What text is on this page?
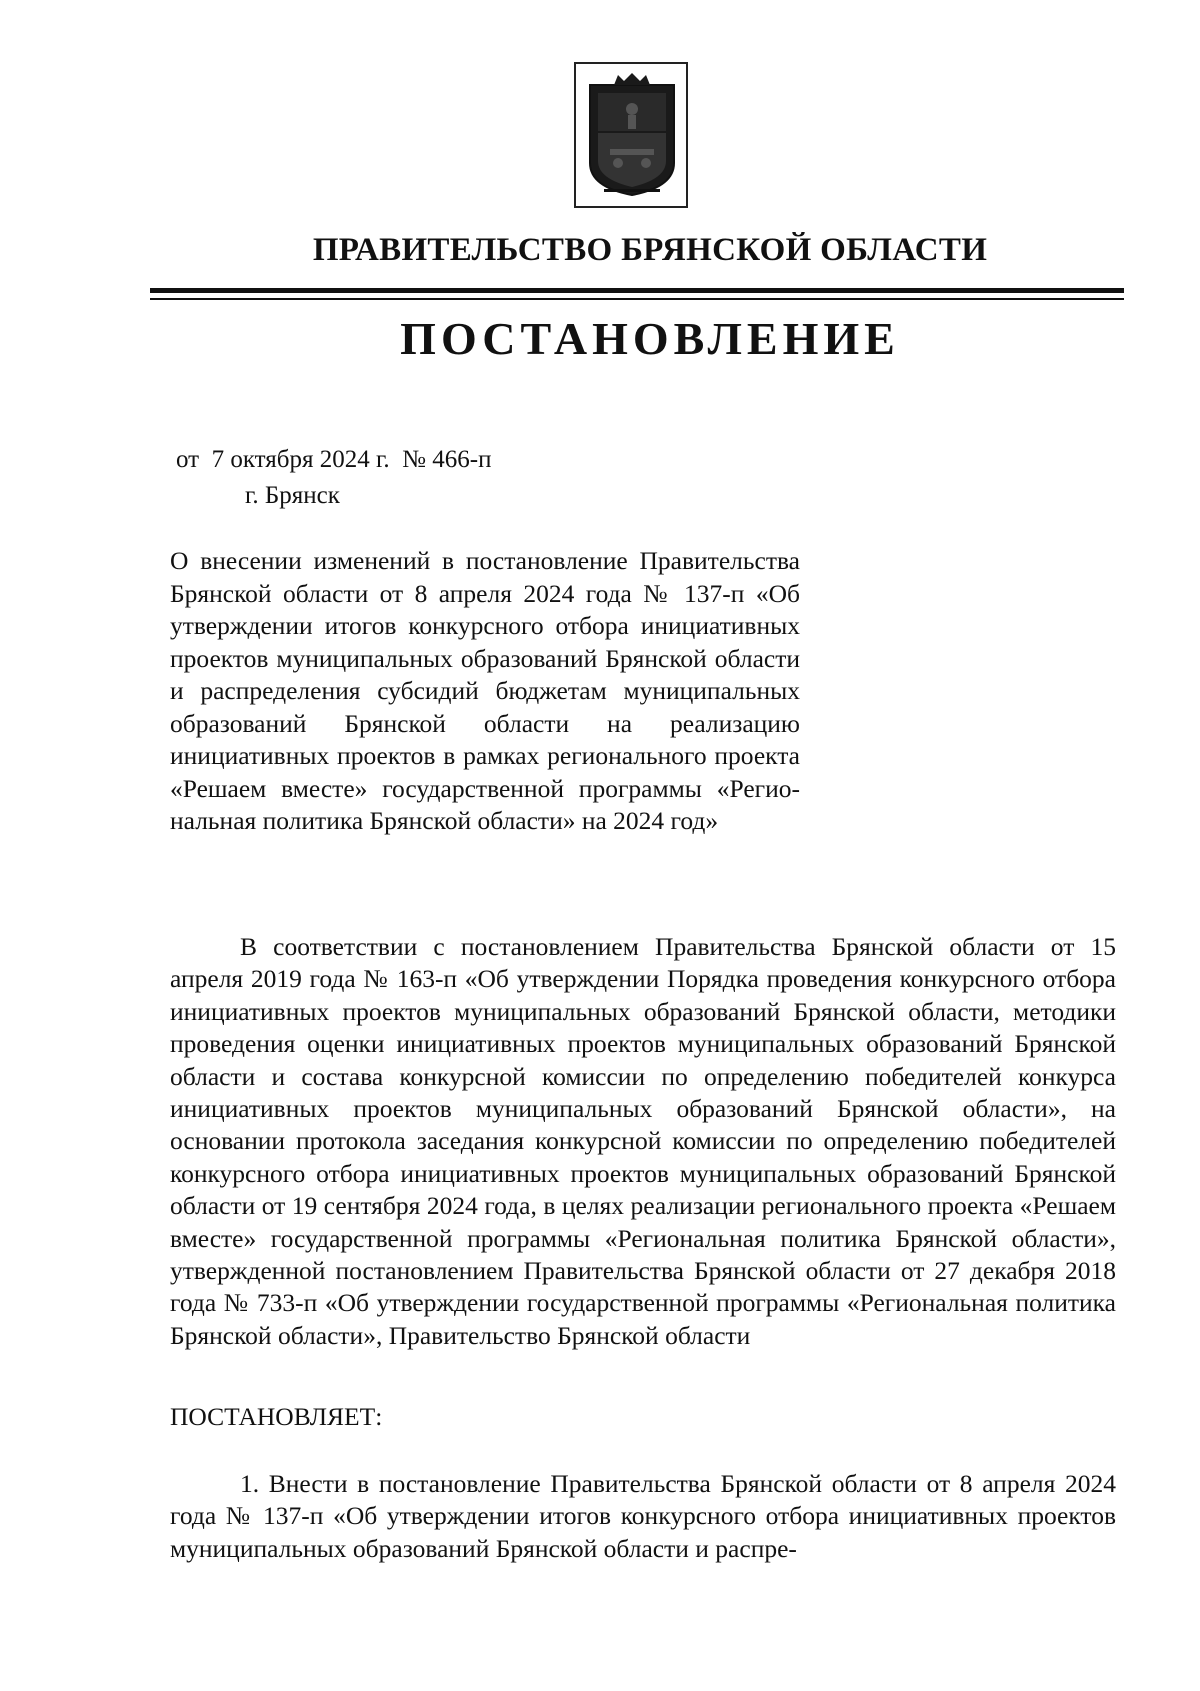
ПРАВИТЕЛЬСТВО БРЯНСКОЙ ОБЛАСТИ
ПОСТАНОВЛЕНИЕ
от  7 октября 2024 г.  № 466-п
г. Брянск
О внесении изменений в постановление Правительства Брянской области от 8 апреля 2024 года № 137-п «Об утверждении итогов конкурсного отбора инициативных проектов муниципальных образований Брянской области и распределения субсидий бюджетам муниципальных образований Брянской области на реализацию инициативных проектов в рамках регионального проекта «Решаем вместе» государственной программы «Региональная политика Брянской области» на 2024 год»
В соответствии с постановлением Правительства Брянской области от 15 апреля 2019 года № 163-п «Об утверждении Порядка проведения конкурсного отбора инициативных проектов муниципальных образований Брянской области, методики проведения оценки инициативных проектов муниципальных образований Брянской области и состава конкурсной комиссии по определению победителей конкурса инициативных проектов муниципальных образований Брянской области», на основании протокола заседания конкурсной комиссии по определению победителей конкурсного отбора инициативных проектов муниципальных образований Брянской области от 19 сентября 2024 года, в целях реализации регионального проекта «Решаем вместе» государственной программы «Региональная политика Брянской области», утвержденной постановлением Правительства Брянской области от 27 декабря 2018 года № 733-п «Об утверждении государственной программы «Региональная политика Брянской области», Правительство Брянской области
ПОСТАНОВЛЯЕТ:
1. Внести в постановление Правительства Брянской области от 8 апреля 2024 года № 137-п «Об утверждении итогов конкурсного отбора инициативных проектов муниципальных образований Брянской области и распре-
